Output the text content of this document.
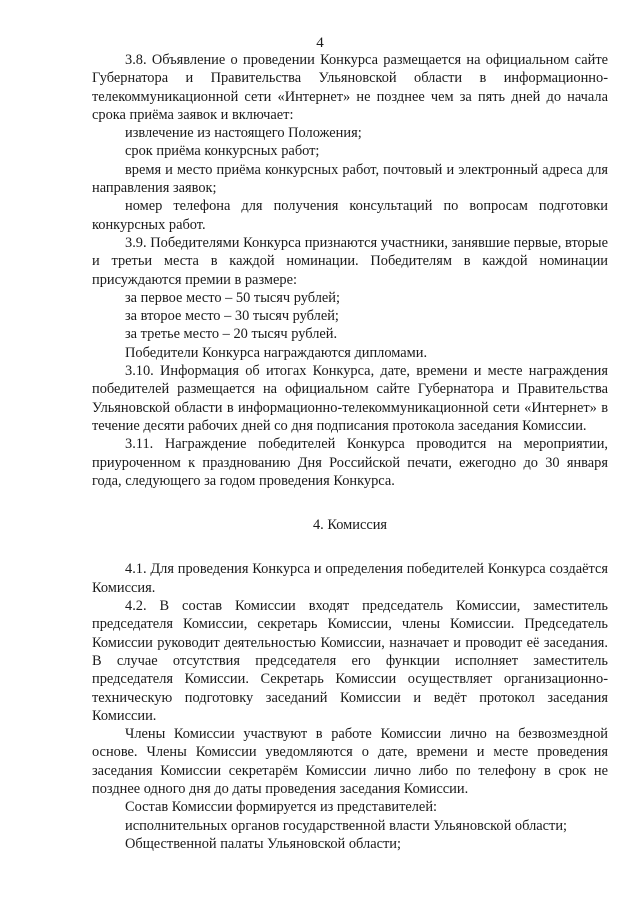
4

3.8. Объявление о проведении Конкурса размещается на официальном сайте Губернатора и Правительства Ульяновской области в информационно-телекоммуникационной сети «Интернет» не позднее чем за пять дней до начала срока приёма заявок и включает:

извлечение из настоящего Положения;

срок приёма конкурсных работ;

время и место приёма конкурсных работ, почтовый и электронный адреса для направления заявок;

номер телефона для получения консультаций по вопросам подготовки конкурсных работ.

3.9. Победителями Конкурса признаются участники, занявшие первые, вторые и третьи места в каждой номинации. Победителям в каждой номинации присуждаются премии в размере:

за первое место – 50 тысяч рублей;

за второе место – 30 тысяч рублей;

за третье место – 20 тысяч рублей.

Победители Конкурса награждаются дипломами.

3.10. Информация об итогах Конкурса, дате, времени и месте награждения победителей размещается на официальном сайте Губернатора и Правительства Ульяновской области в информационно-телекоммуникационной сети «Интернет» в течение десяти рабочих дней со дня подписания протокола заседания Комиссии.

3.11. Награждение победителей Конкурса проводится на мероприятии, приуроченном к празднованию Дня Российской печати, ежегодно до 30 января года, следующего за годом проведения Конкурса.

4. Комиссия

4.1. Для проведения Конкурса и определения победителей Конкурса создаётся Комиссия.

4.2. В состав Комиссии входят председатель Комиссии, заместитель председателя Комиссии, секретарь Комиссии, члены Комиссии. Председатель Комиссии руководит деятельностью Комиссии, назначает и проводит её заседания. В случае отсутствия председателя его функции исполняет заместитель председателя Комиссии. Секретарь Комиссии осуществляет организационно-техническую подготовку заседаний Комиссии и ведёт протокол заседания Комиссии.

Члены Комиссии участвуют в работе Комиссии лично на безвозмездной основе. Члены Комиссии уведомляются о дате, времени и месте проведения заседания Комиссии секретарём Комиссии лично либо по телефону в срок не позднее одного дня до даты проведения заседания Комиссии.

Состав Комиссии формируется из представителей:

исполнительных органов государственной власти Ульяновской области;

Общественной палаты Ульяновской области;
